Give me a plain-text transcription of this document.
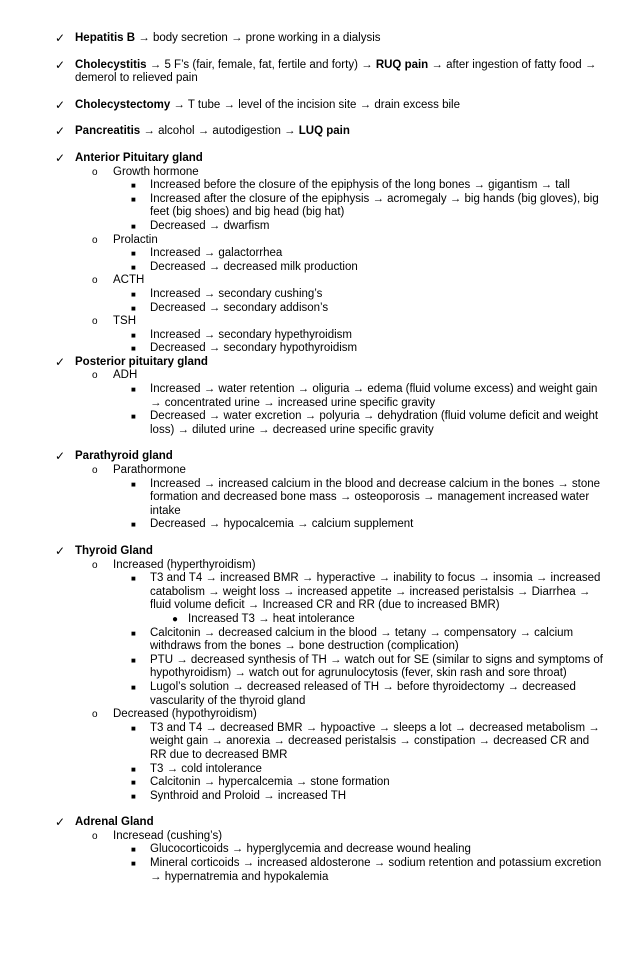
✓ Hepatitis B → body secretion → prone working in a dialysis
✓ Cholecystitis → 5 F’s (fair, female, fat, fertile and forty) → RUQ pain → after ingestion of fatty food → demerol to relieved pain
✓ Cholecystectomy → T tube → level of the incision site → drain excess bile
✓ Pancreatitis → alcohol → autodigestion → LUQ pain
✓ Anterior Pituitary gland
o Growth hormone
■ Increased before the closure of the epiphysis of the long bones → gigantism → tall
■ Increased after the closure of the epiphysis → acromegaly → big hands (big gloves), big feet (big shoes) and big head (big hat)
■ Decreased → dwarfism
o Prolactin
■ Increased → galactorrhea
■ Decreased → decreased milk production
o ACTH
■ Increased → secondary cushing’s
■ Decreased → secondary addison’s
o TSH
■ Increased → secondary hypethyroidism
■ Decreased → secondary hypothyroidism
✓ Posterior pituitary gland
o ADH
■ Increased → water retention → oliguria → edema (fluid volume excess) and weight gain → concentrated urine → increased urine specific gravity
■ Decreased → water excretion → polyuria → dehydration (fluid volume deficit and weight loss) → diluted urine → decreased urine specific gravity
✓ Parathyroid gland
o Parathormone
■ Increased → increased calcium in the blood and decrease calcium in the bones → stone formation and decreased bone mass → osteoporosis → management increased water intake
■ Decreased → hypocalcemia → calcium supplement
✓ Thyroid Gland
o Increased (hyperthyroidism)
■ T3 and T4 → increased BMR → hyperactive → inability to focus → insomia → increased catabolism → weight loss → increased appetite → increased peristalsis → Diarrhea → fluid volume deficit → Increased CR and RR (due to increased BMR)
● Increased T3 → heat intolerance
■ Calcitonin → decreased calcium in the blood → tetany → compensatory → calcium withdraws from the bones → bone destruction (complication)
■ PTU → decreased synthesis of TH → watch out for SE (similar to signs and symptoms of hypothyroidism) → watch out for agrunulocytosis (fever, skin rash and sore throat)
■ Lugol’s solution → decreased released of TH → before thyroidectomy → decreased vascularity of the thyroid gland
o Decreased (hypothyroidism)
■ T3 and T4 → decreased BMR → hypoactive → sleeps a lot → decreased metabolism → weight gain → anorexia → decreased peristalsis → constipation → decreased CR and RR due to decreased BMR
■ T3 → cold intolerance
■ Calcitonin → hypercalcemia → stone formation
■ Synthroid and Proloid → increased TH
✓ Adrenal Gland
o Incresead (cushing’s)
■ Glucocorticoids → hyperglycemia and decrease wound healing
■ Mineral corticoids → increased aldosterone → sodium retention and potassium excretion → hypernatremia and hypokalemia
